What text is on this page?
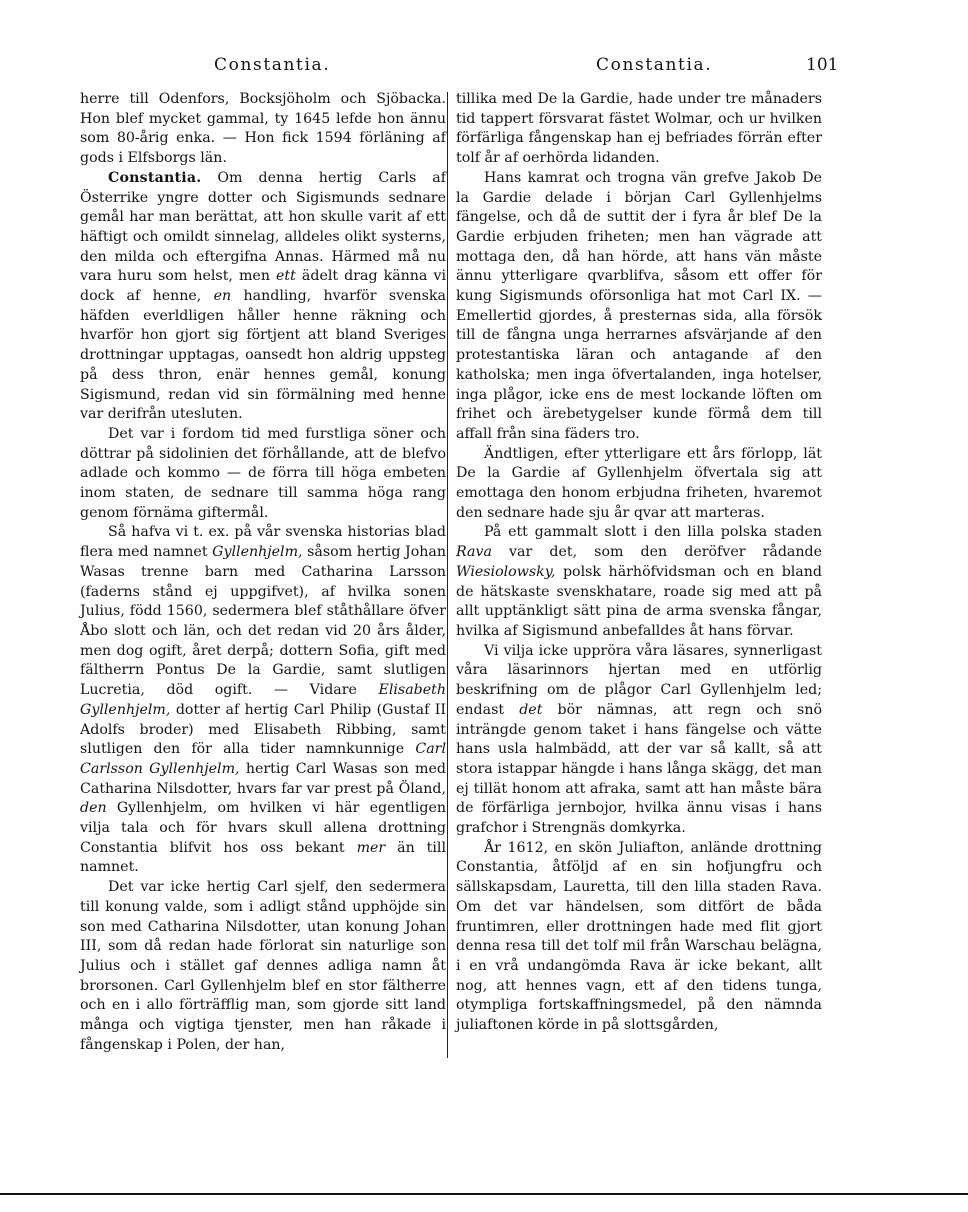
Constantia.	Constantia.	101

herre till Odenfors, Bocksjöholm och Sjöbacka. Hon blef mycket gammal, ty 1645 lefde hon ännu som 80-årig enka. — Hon fick 1594 förläning af gods i Elfsborgs län.

Constantia. Om denna hertig Carls af Österrike yngre dotter och Sigismunds sednare gemål har man berättat, att hon skulle varit af ett häftigt och omildt sinnelag, alldeles olikt systerns, den milda och eftergifna Annas. Härmed må nu vara huru som helst, men ett ädelt drag känna vi dock af henne, en handling, hvarför svenska häfden everldligen håller henne räkning och hvarför hon gjort sig förtjent att bland Sveriges drottningar upptagas, oansedt hon aldrig uppsteg på dess thron, enär hennes gemål, konung Sigismund, redan vid sin förmälning med henne var derifrån utesluten.

Det var i fordom tid med furstliga söner och döttrar på sidolinien det förhållande, att de blefvo adlade och kommo — de förra till höga embeten inom staten, de sednare till samma höga rang genom förnäma giftermål.

Så hafva vi t. ex. på vår svenska historias blad flera med namnet Gyllenhjelm, såsom hertig Johan Wasas trenne barn med Catharina Larsson (faderns stånd ej uppgifvet), af hvilka sonen Julius, född 1560, sedermera blef ståthållare öfver Åbo slott och län, och det redan vid 20 års ålder, men dog ogift, året derpå; dottern Sofia, gift med fältherrn Pontus De la Gardie, samt slutligen Lucretia, död ogift. — Vidare Elisabeth Gyllenhjelm, dotter af hertig Carl Philip (Gustaf II Adolfs broder) med Elisabeth Ribbing, samt slutligen den för alla tider namnkunnige Carl Carlsson Gyllenhjelm, hertig Carl Wasas son med Catharina Nilsdotter, hvars far var prest på Öland, den Gyllenhjelm, om hvilken vi här egentligen vilja tala och för hvars skull allena drottning Constantia blifvit hos oss bekant mer än till namnet.

Det var icke hertig Carl sjelf, den sedermera till konung valde, som i adligt stånd upphöjde sin son med Catharina Nilsdotter, utan konung Johan III, som då redan hade förlorat sin naturlige son Julius och i stället gaf dennes adliga namn åt brorsonen. Carl Gyllenhjelm blef en stor fältherre och en i allo förträfflig man, som gjorde sitt land många och vigtiga tjenster, men han råkade i fångenskap i Polen, der han,

tillika med De la Gardie, hade under tre månaders tid tappert försvarat fästet Wolmar, och ur hvilken förfärliga fångenskap han ej befriades förrän efter tolf år af oerhörda lidanden.

Hans kamrat och trogna vän grefve Jakob De la Gardie delade i början Carl Gyllenhjelms fängelse, och då de suttit der i fyra år blef De la Gardie erbjuden friheten; men han vägrade att mottaga den, då han hörde, att hans vän måste ännu ytterligare qvarblifva, såsom ett offer för kung Sigismunds oförsonliga hat mot Carl IX. — Emellertid gjordes, å presternas sida, alla försök till de fångna unga herrarnes afsvärjande af den protestantiska läran och antagande af den katholska; men inga öfvertalanden, inga hotelser, inga plågor, icke ens de mest lockande löften om frihet och ärebetygelser kunde förmå dem till affall från sina fäders tro.

Ändtligen, efter ytterligare ett års förlopp, lät De la Gardie af Gyllenhjelm öfvertala sig att emottaga den honom erbjudna friheten, hvaremot den sednare hade sju år qvar att marteras.

På ett gammalt slott i den lilla polska staden Rava var det, som den deröfver rådande Wiesiolowsky, polsk härhöfvidsman och en bland de hätskaste svenskhatare, roade sig med att på allt upptänkligt sätt pina de arma svenska fångar, hvilka af Sigismund anbefalldes åt hans förvar.

Vi vilja icke uppröra våra läsares, synnerligast våra läsarinnors hjertan med en utförlig beskrifning om de plågor Carl Gyllenhjelm led; endast det bör nämnas, att regn och snö inträngde genom taket i hans fängelse och vätte hans usla halmbädd, att der var så kallt, så att stora istappar hängde i hans långa skägg, det man ej tillät honom att afraka, samt att han måste bära de förfärliga jernbojor, hvilka ännu visas i hans grafchor i Strengnäs domkyrka.

År 1612, en skön Juliafton, anlände drottning Constantia, åtföljd af en sin hofjungfru och sällskapsdam, Lauretta, till den lilla staden Rava. Om det var händelsen, som ditfört de båda fruntimren, eller drottningen hade med flit gjort denna resa till det tolf mil från Warschau belägna, i en vrå undangömda Rava är icke bekant, allt nog, att hennes vagn, ett af den tidens tunga, otympliga fortskaffningsmedel, på den nämnda juliaftonen körde in på slottsgården,
